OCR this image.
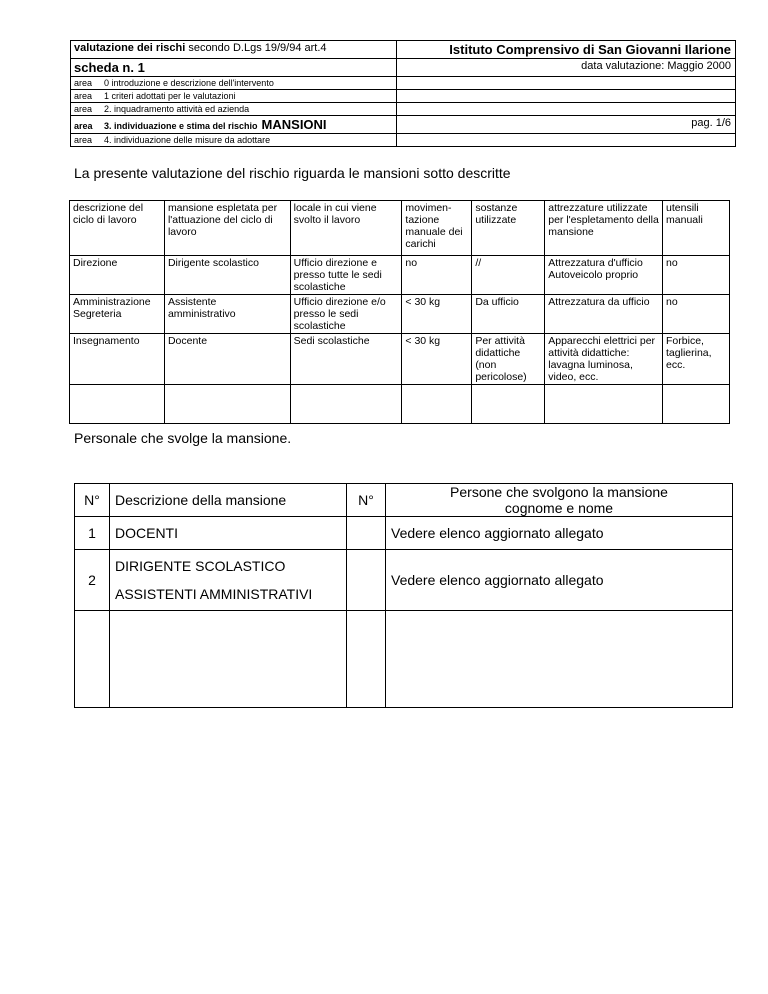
valutazione dei rischi secondo D.Lgs 19/9/94 art.4	Istituto Comprensivo di San Giovanni Ilarione
scheda n. 1	data valutazione: Maggio 2000
area	0 introduzione e descrizione dell'intervento
area	1 criteri adottati per le valutazioni
area	2. inquadramento attività ed azienda
area	3. individuazione e stima del rischio MANSIONI	pag. 1/6
area	4. individuazione delle misure da adottare
La presente valutazione del rischio riguarda le mansioni sotto descritte
descrizione del ciclo di lavoro	mansione espletata per l'attuazione del ciclo di lavoro	locale in cui viene svolto il lavoro	movimen-tazione manuale dei carichi	sostanze utilizzate	attrezzature utilizzate per l'espletamento della mansione	utensili manuali
Direzione	Dirigente scolastico	Ufficio direzione e presso tutte le sedi scolastiche	no	//	Attrezzatura d'ufficio Autoveicolo proprio	no
Amministrazione Segreteria	Assistente amministrativo	Ufficio direzione e/o presso le sedi scolastiche	< 30 kg	Da ufficio	Attrezzatura da ufficio	no
Insegnamento	Docente	Sedi scolastiche	< 30 kg	Per attività didattiche (non pericolose)	Apparecchi elettrici per attività didattiche: lavagna luminosa, video, ecc.	Forbice, taglierina, ecc.

Personale che svolge la mansione.
N°	Descrizione della mansione	N°	Persone che svolgono la mansione cognome e nome
1	DOCENTI		Vedere elenco aggiornato allegato
2	DIRIGENTE SCOLASTICO
ASSISTENTI AMMINISTRATIVI		Vedere elenco aggiornato allegato
